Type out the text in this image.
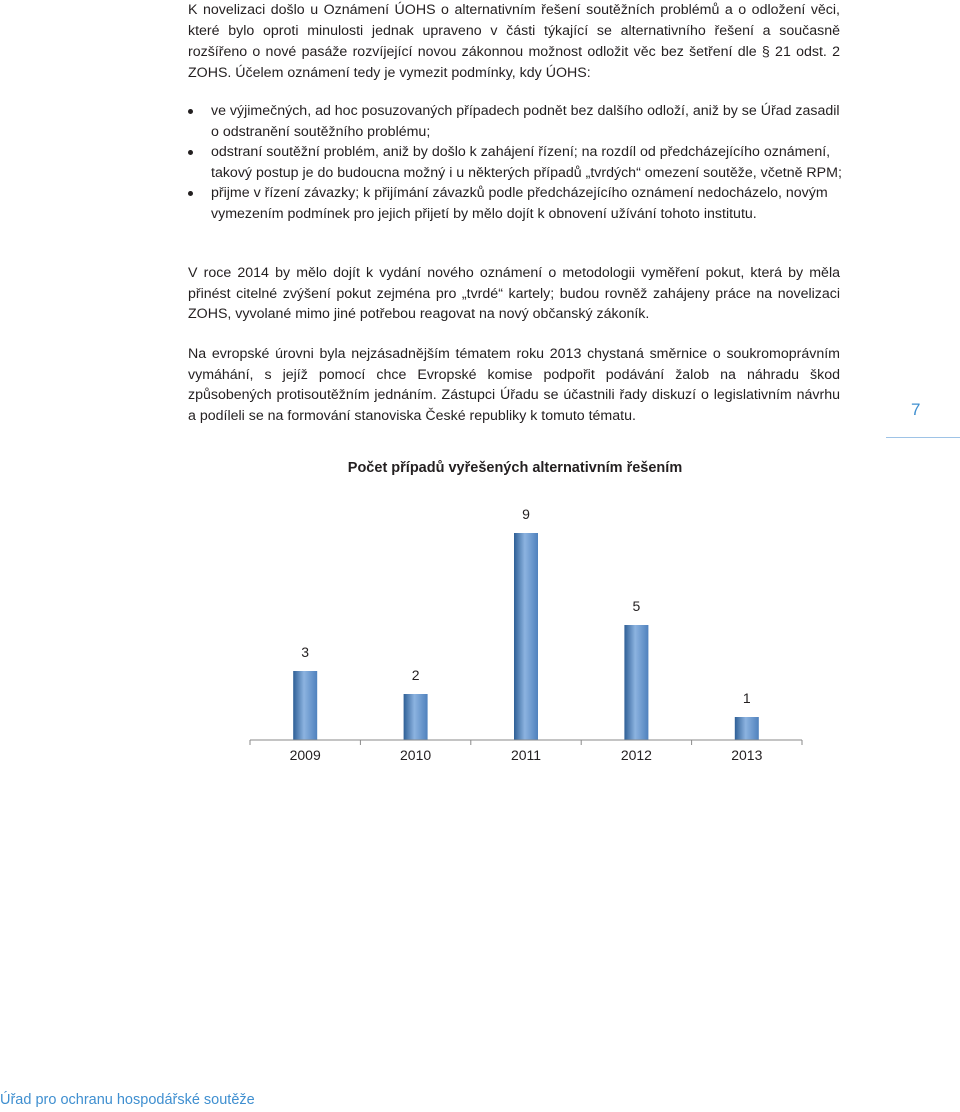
K novelizaci došlo u Oznámení ÚOHS o alternativním řešení soutěžních problémů a o odložení věci, které bylo oproti minulosti jednak upraveno v části týkající se alternativního řešení a současně rozšířeno o nové pasáže rozvíjející novou zákonnou možnost odložit věc bez šetření dle § 21 odst. 2 ZOHS. Účelem oznámení tedy je vymezit podmínky, kdy ÚOHS:
ve výjimečných, ad hoc posuzovaných případech podnět bez dalšího odloží, aniž by se Úřad zasadil o odstranění soutěžního problému;
odstraní soutěžní problém, aniž by došlo k zahájení řízení; na rozdíl od předcházejícího oznámení, takový postup je do budoucna možný i u některých případů „tvrdých“ omezení soutěže, včetně RPM;
přijme v řízení závazky; k přijímání závazků podle předcházejícího oznámení nedocházelo, novým vymezením podmínek pro jejich přijetí by mělo dojít k obnovení užívání tohoto institutu.
V roce 2014 by mělo dojít k vydání nového oznámení o metodologii vyměření pokut, která by měla přinést citelné zvýšení pokut zejména pro „tvrdé“ kartely; budou rovněž zahájeny práce na novelizaci ZOHS, vyvolané mimo jiné potřebou reagovat na nový občanský zákoník.
Na evropské úrovni byla nejzásadnějším tématem roku 2013 chystaná směrnice o soukromoprávním vymáhání, s jejíž pomocí chce Evropské komise podpořit podávání žalob na náhradu škod způsobených protisoutěžním jednáním. Zástupci Úřadu se účastnili řady diskuzí o legislativním návrhu a podíleli se na formování stanoviska České republiky k tomuto tématu.	7
Počet případů vyřešených alternativním řešením
3
2009
2
2010
9
2011
5
2012
1
2013
Úřad pro ochranu hospodářské soutěže
